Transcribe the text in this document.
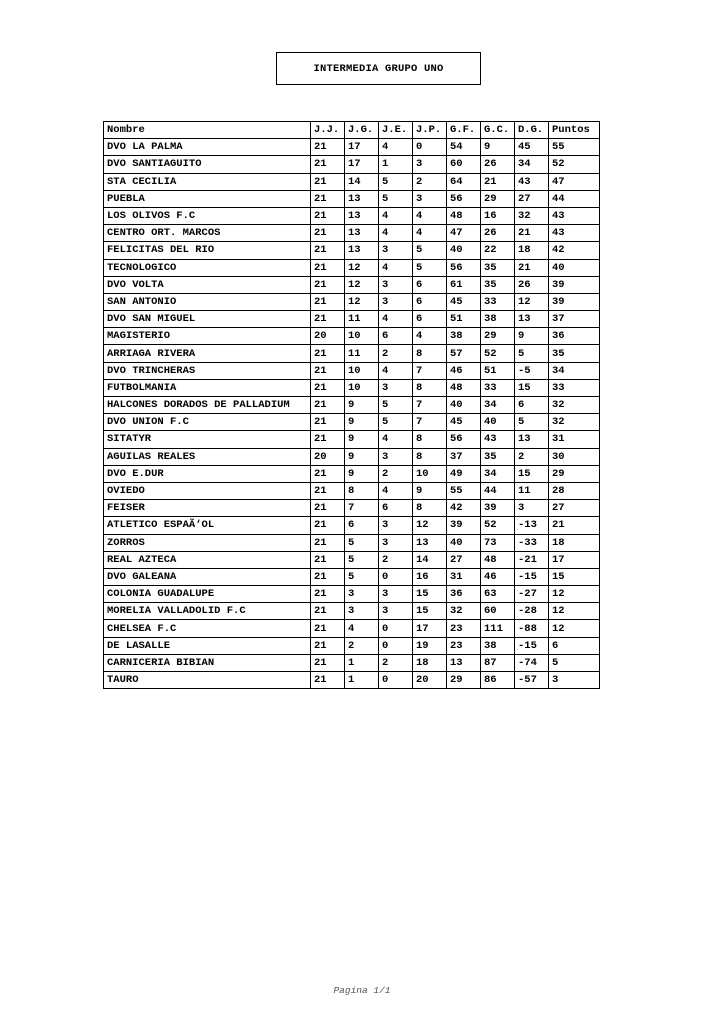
INTERMEDIA GRUPO UNO
Nombre	J.J.	J.G.	J.E.	J.P.	G.F.	G.C.	D.G.	Puntos
DVO LA PALMA	21	17	4	0	54	9	45	55
DVO SANTIAGUITO	21	17	1	3	60	26	34	52
STA CECILIA	21	14	5	2	64	21	43	47
PUEBLA	21	13	5	3	56	29	27	44
LOS OLIVOS F.C	21	13	4	4	48	16	32	43
CENTRO ORT. MARCOS	21	13	4	4	47	26	21	43
FELICITAS DEL RIO	21	13	3	5	40	22	18	42
TECNOLOGICO	21	12	4	5	56	35	21	40
DVO VOLTA	21	12	3	6	61	35	26	39
SAN ANTONIO	21	12	3	6	45	33	12	39
DVO SAN MIGUEL	21	11	4	6	51	38	13	37
MAGISTERIO	20	10	6	4	38	29	9	36
ARRIAGA RIVERA	21	11	2	8	57	52	5	35
DVO TRINCHERAS	21	10	4	7	46	51	-5	34
FUTBOLMANIA	21	10	3	8	48	33	15	33
HALCONES DORADOS DE PALLADIUM	21	9	5	7	40	34	6	32
DVO UNION F.C	21	9	5	7	45	40	5	32
SITATYR	21	9	4	8	56	43	13	31
AGUILAS REALES	20	9	3	8	37	35	2	30
DVO E.DUR	21	9	2	10	49	34	15	29
OVIEDO	21	8	4	9	55	44	11	28
FEISER	21	7	6	8	42	39	3	27
ATLETICO ESPAÃ‘OL	21	6	3	12	39	52	-13	21
ZORROS	21	5	3	13	40	73	-33	18
REAL AZTECA	21	5	2	14	27	48	-21	17
DVO GALEANA	21	5	0	16	31	46	-15	15
COLONIA GUADALUPE	21	3	3	15	36	63	-27	12
MORELIA VALLADOLID F.C	21	3	3	15	32	60	-28	12
CHELSEA F.C	21	4	0	17	23	111	-88	12
DE LASALLE	21	2	0	19	23	38	-15	6
CARNICERIA BIBIAN	21	1	2	18	13	87	-74	5
TAURO	21	1	0	20	29	86	-57	3
Pagina 1/1
